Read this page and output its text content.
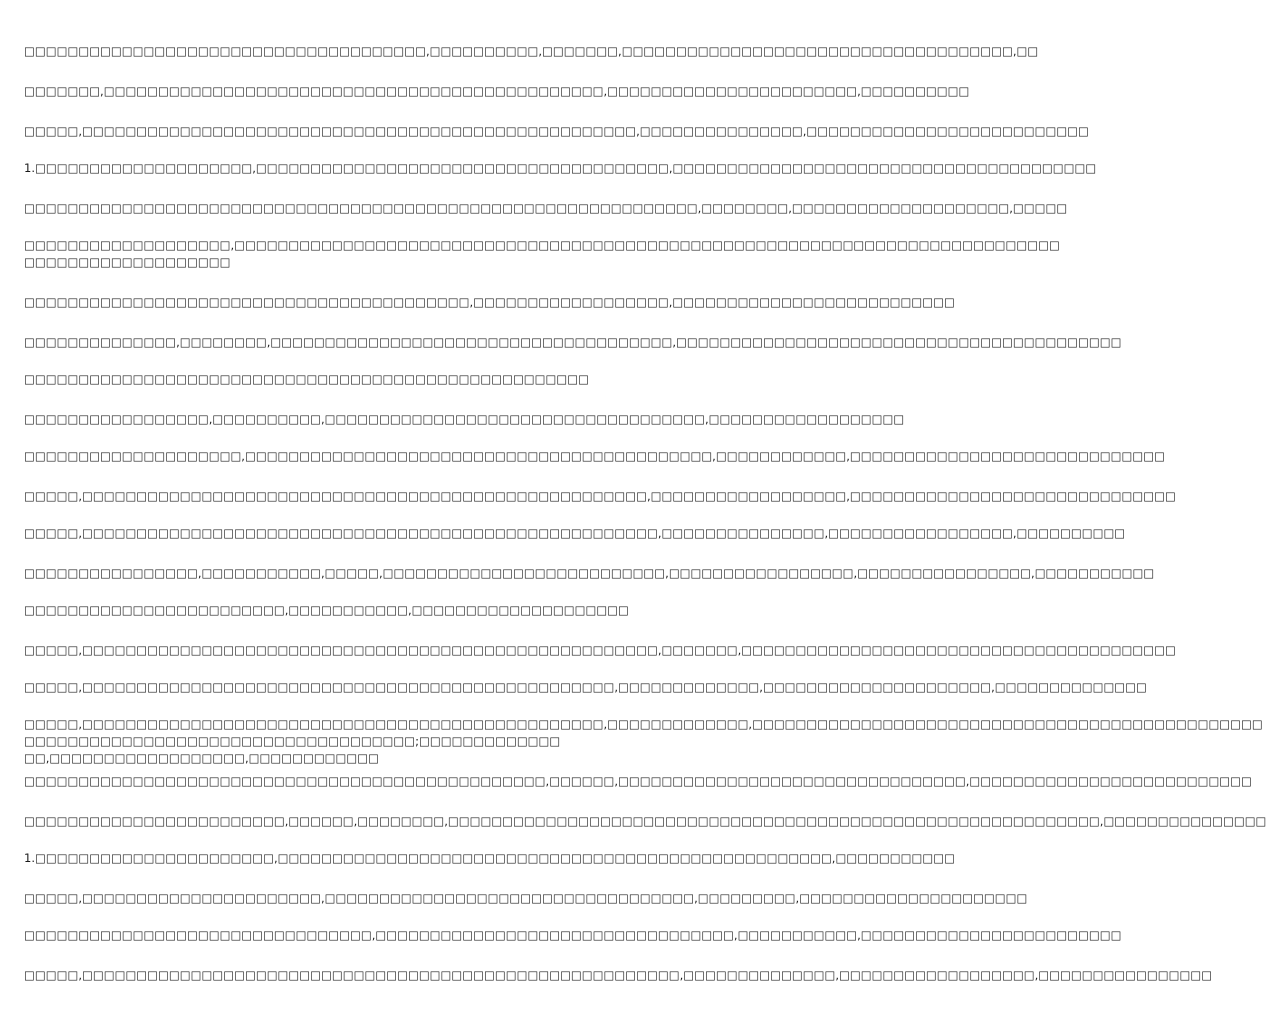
□□□□□□□□□□□□□□□□□□□□□□□□□□□□□□□□□□□□□,□□□□□□□□□□,□□□□□□□,□□□□□□□□□□□□□□□□□□□□□□□□□□□□□□□□□□□□,□□
□□□□□□□,□□□□□□□□□□□□□□□□□□□□□□□□□□□□□□□□□□□□□□□□□□□□□□,□□□□□□□□□□□□□□□□□□□□□□□,□□□□□□□□□□
□□□□□,□□□□□□□□□□□□□□□□□□□□□□□□□□□□□□□□□□□□□□□□□□□□□□□□□□□,□□□□□□□□□□□□□□□,□□□□□□□□□□□□□□□□□□□□□□□□□□
1.□□□□□□□□□□□□□□□□□□□□,□□□□□□□□□□□□□□□□□□□□□□□□□□□□□□□□□□□□□□,□□□□□□□□□□□□□□□□□□□□□□□□□□□□□□□□□□□□□□□
□□□□□□□□□□□□□□□□□□□□□□□□□□□□□□□□□□□□□□□□□□□□□□□□□□□□□□□□□□□□□□,□□□□□□□□,□□□□□□□□□□□□□□□□□□□□,□□□□□
□□□□□□□□□□□□□□□□□□□,□□□□□□□□□□□□□□□□□□□□□□□□□□□□□□□□□□□□□□□□□□□□□□□□□□□□□□□□□□□□□□□□□□□□□□□□□□□□ □□□□□□□□□□□□□□□□□□□
□□□□□□□□□□□□□□□□□□□□□□□□□□□□□□□□□□□□□□□□□,□□□□□□□□□□□□□□□□□□,□□□□□□□□□□□□□□□□□□□□□□□□□□
□□□□□□□□□□□□□□,□□□□□□□□,□□□□□□□□□□□□□□□□□□□□□□□□□□□□□□□□□□□□□,□□□□□□□□□□□□□□□□□□□□□□□□□□□□□□□□□□□□□□□□□
□□□□□□□□□□□□□□□□□□□□□□□□□□□□□□□□□□□□□□□□□□□□□□□□□□□□
□□□□□□□□□□□□□□□□□,□□□□□□□□□□,□□□□□□□□□□□□□□□□□□□□□□□□□□□□□□□□□□□,□□□□□□□□□□□□□□□□□□
□□□□□□□□□□□□□□□□□□□□,□□□□□□□□□□□□□□□□□□□□□□□□□□□□□□□□□□□□□□□□□□□,□□□□□□□□□□□□,□□□□□□□□□□□□□□□□□□□□□□□□□□□□□
□□□□□,□□□□□□□□□□□□□□□□□□□□□□□□□□□□□□□□□□□□□□□□□□□□□□□□□□□□,□□□□□□□□□□□□□□□□□□,□□□□□□□□□□□□□□□□□□□□□□□□□□□□□□
□□□□□,□□□□□□□□□□□□□□□□□□□□□□□□□□□□□□□□□□□□□□□□□□□□□□□□□□□□□,□□□□□□□□□□□□□□□,□□□□□□□□□□□□□□□□□,□□□□□□□□□□
□□□□□□□□□□□□□□□□,□□□□□□□□□□□,□□□□□,□□□□□□□□□□□□□□□□□□□□□□□□□□,□□□□□□□□□□□□□□□□□,□□□□□□□□□□□□□□□□,□□□□□□□□□□□
□□□□□□□□□□□□□□□□□□□□□□□□,□□□□□□□□□□□,□□□□□□□□□□□□□□□□□□□□
□□□□□,□□□□□□□□□□□□□□□□□□□□□□□□□□□□□□□□□□□□□□□□□□□□□□□□□□□□□,□□□□□□□,□□□□□□□□□□□□□□□□□□□□□□□□□□□□□□□□□□□□□□□□
□□□□□,□□□□□□□□□□□□□□□□□□□□□□□□□□□□□□□□□□□□□□□□□□□□□□□□□,□□□□□□□□□□□□□,□□□□□□□□□□□□□□□□□□□□□,□□□□□□□□□□□□□□
□□□□□,□□□□□□□□□□□□□□□□□□□□□□□□□□□□□□□□□□□□□□□□□□□□□□□□,□□□□□□□□□□□□□,□□□□□□□□□□□□□□□□□□□□□□□□□□□□□□□□□□□□□□□□□□□□□□□ □□□□□□□□□□□□□□□□□□□□□□□□□□□□□□□□□□□□;□□□□□□□□□□□□□ □□,□□□□□□□□□□□□□□□□□□,□□□□□□□□□□□□
□□□□□□□□□□□□□□□□□□□□□□□□□□□□□□□□□□□□□□□□□□□□□□□□,□□□□□□,□□□□□□□□□□□□□□□□□□□□□□□□□□□□□□□□,□□□□□□□□□□□□□□□□□□□□□□□□□□
□□□□□□□□□□□□□□□□□□□□□□□□,□□□□□□,□□□□□□□□,□□□□□□□□□□□□□□□□□□□□□□□□□□□□□□□□□□□□□□□□□□□□□□□□□□□□□□□□□□□□,□□□□□□□□□□□□□□□
1.□□□□□□□□□□□□□□□□□□□□□□,□□□□□□□□□□□□□□□□□□□□□□□□□□□□□□□□□□□□□□□□□□□□□□□□□□□,□□□□□□□□□□□
□□□□□,□□□□□□□□□□□□□□□□□□□□□□,□□□□□□□□□□□□□□□□□□□□□□□□□□□□□□□□□□,□□□□□□□□□,□□□□□□□□□□□□□□□□□□□□□
□□□□□□□□□□□□□□□□□□□□□□□□□□□□□□□□,□□□□□□□□□□□□□□□□□□□□□□□□□□□□□□□□□,□□□□□□□□□□□,□□□□□□□□□□□□□□□□□□□□□□□□
□□□□□,□□□□□□□□□□□□□□□□□□□□□□□□□□□□□□□□□□□□□□□□□□□□□□□□□□□□□□□,□□□□□□□□□□□□□□,□□□□□□□□□□□□□□□□□□,□□□□□□□□□□□□□□□□
